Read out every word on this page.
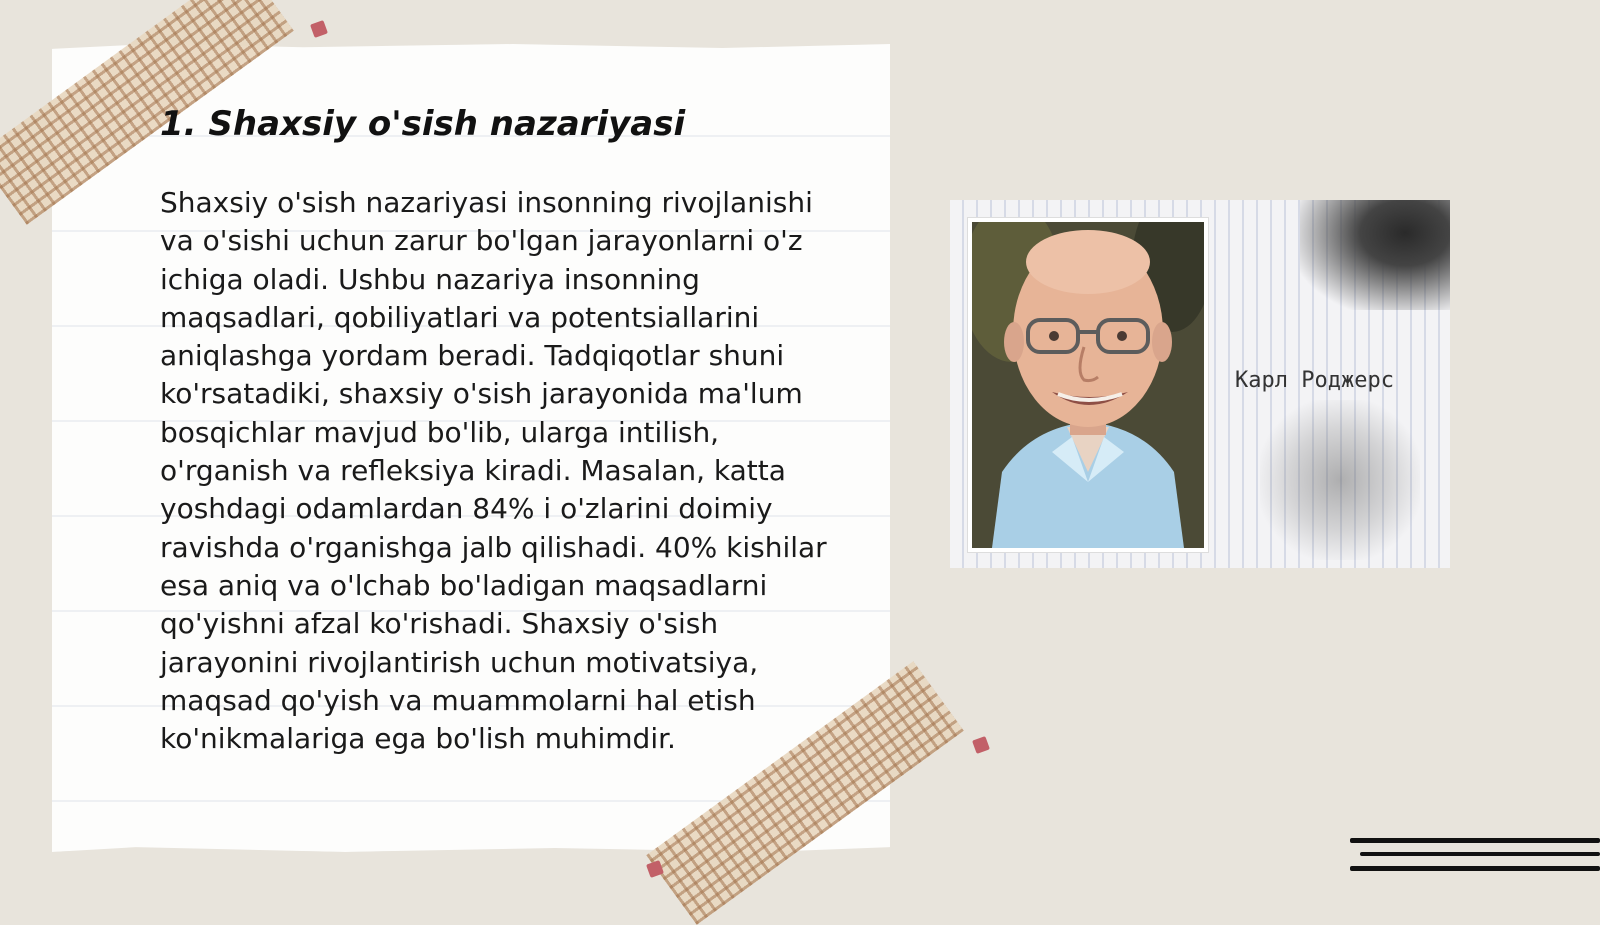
1. Shaxsiy o'sish nazariyasi

Shaxsiy o'sish nazariyasi insonning rivojlanishi va o'sishi uchun zarur bo'lgan jarayonlarni o'z ichiga oladi. Ushbu nazariya insonning maqsadlari, qobiliyatlari va potentsiallarini aniqlashga yordam beradi. Tadqiqotlar shuni ko'rsatadiki, shaxsiy o'sish jarayonida ma'lum bosqichlar mavjud bo'lib, ularga intilish, o'rganish va refleksiya kiradi. Masalan, katta yoshdagi odamlardan 84% i o'zlarini doimiy ravishda o'rganishga jalb qilishadi. 40% kishilar esa aniq va o'lchab bo'ladigan maqsadlarni qo'yishni afzal ko'rishadi. Shaxsiy o'sish jarayonini rivojlantirish uchun motivatsiya, maqsad qo'yish va muammolarni hal etish ko'nikmalariga ega bo'lish muhimdir.

Карл Роджерс
